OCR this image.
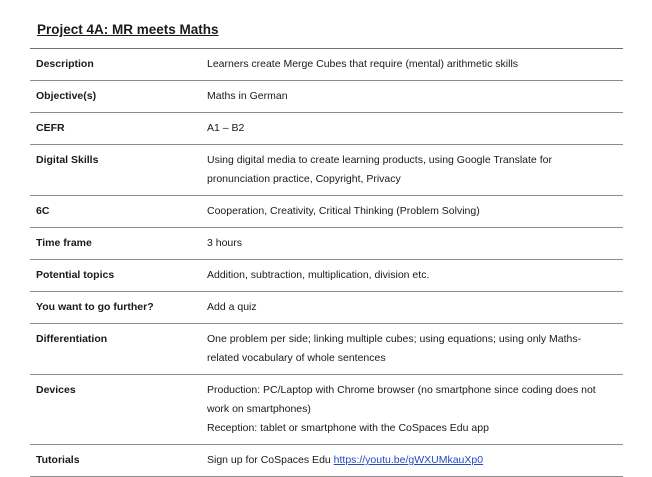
Project 4A: MR meets Maths
Description	Learners create Merge Cubes that require (mental) arithmetic skills

Objective(s)	Maths in German

CEFR	A1 – B2

Digital Skills	Using digital media to create learning products, using Google Translate for
pronunciation practice, Copyright, Privacy

6C	Cooperation, Creativity, Critical Thinking (Problem Solving)

Time frame	3 hours

Potential topics	Addition, subtraction, multiplication, division etc.

You want to go further?	Add a quiz

Differentiation	One problem per side; linking multiple cubes; using equations; using only Maths-
related vocabulary of whole sentences

Devices	Production: PC/Laptop with Chrome browser (no smartphone since coding does not
work on smartphones)
Reception: tablet or smartphone with the CoSpaces Edu app

Tutorials	Sign up for CoSpaces Edu https://youtu.be/gWXUMkauXp0
